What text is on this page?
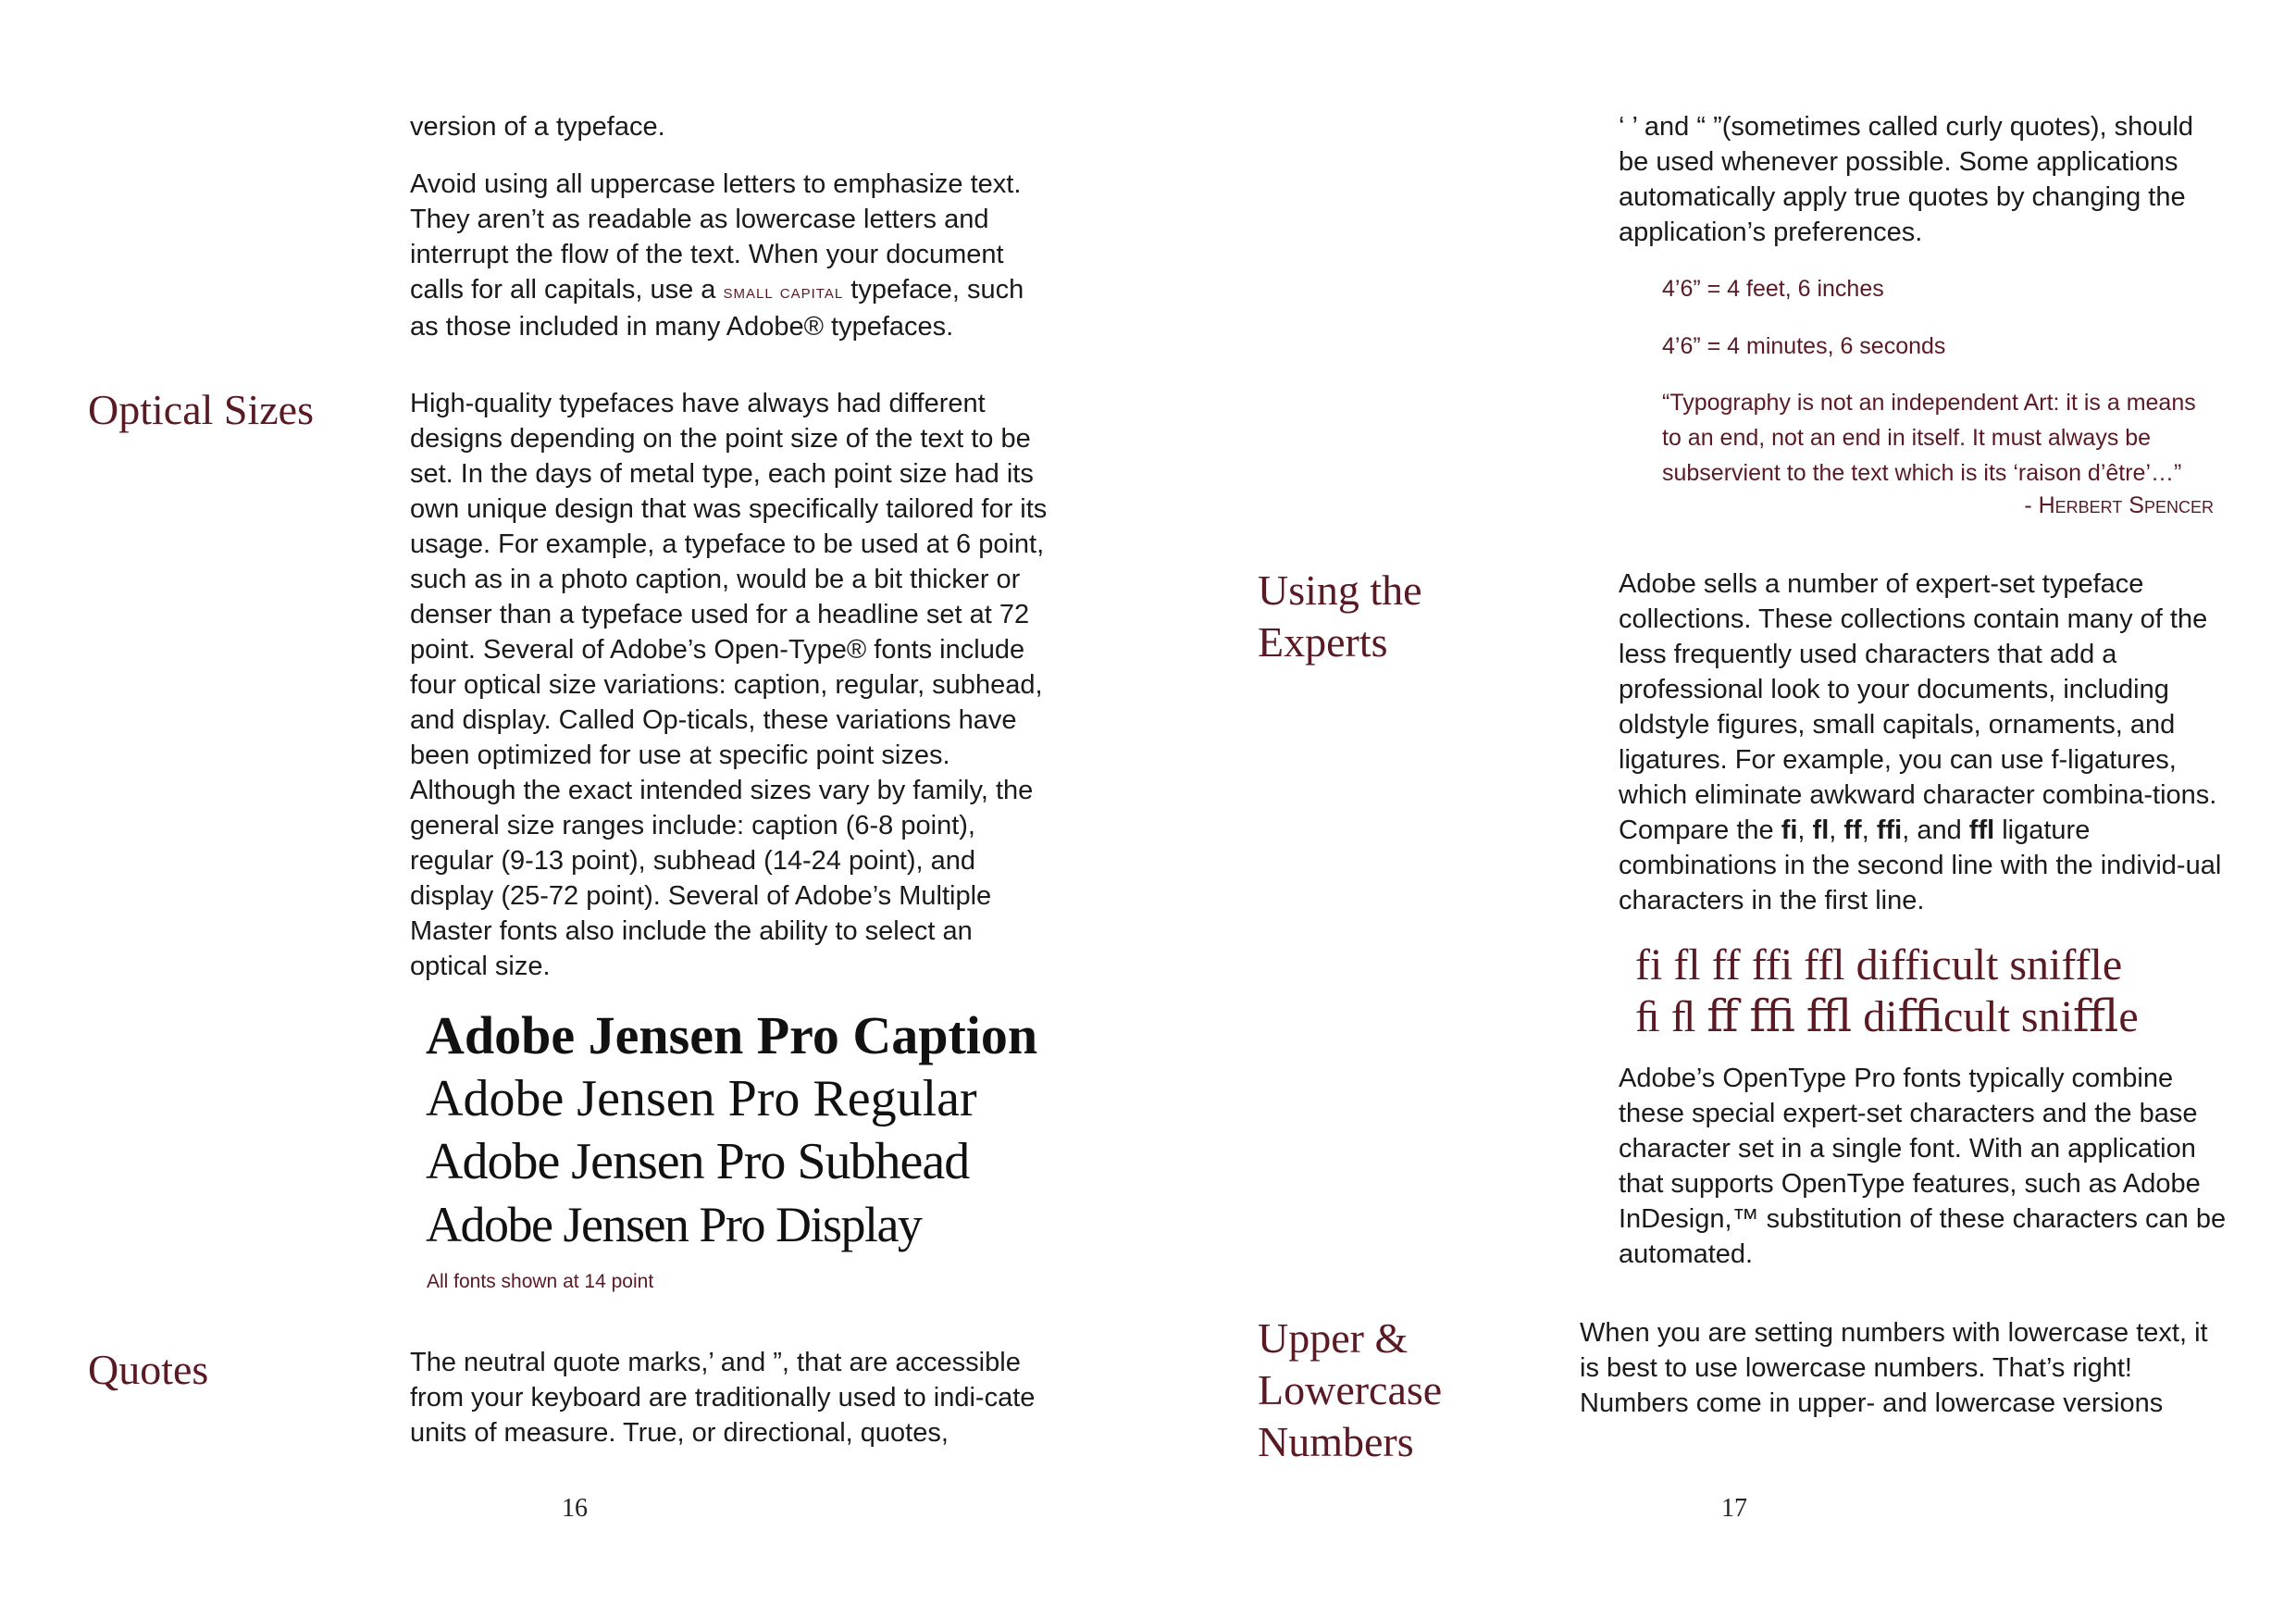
version of a typeface.

Avoid using all uppercase letters to emphasize text. They aren’t as readable as lowercase letters and interrupt the flow of the text. When your document calls for all capitals, use a small capital typeface, such as those included in many Adobe® typefaces.

Optical Sizes	High-quality typefaces have always had different designs depending on the point size of the text to be set. In the days of metal type, each point size had its own unique design that was specifically tailored for its usage. For example, a typeface to be used at 6 point, such as in a photo caption, would be a bit thicker or denser than a typeface used for a headline set at 72 point. Several of Adobe’s Open-Type® fonts include four optical size variations: caption, regular, subhead, and display. Called Op-ticals, these variations have been optimized for use at specific point sizes. Although the exact intended sizes vary by family, the general size ranges include: caption (6-8 point), regular (9-13 point), subhead (14-24 point), and display (25-72 point). Several of Adobe’s Multiple Master fonts also include the ability to select an optical size.
Adobe Jensen Pro Caption
Adobe Jensen Pro Regular
Adobe Jensen Pro Subhead
Adobe Jensen Pro Display
All fonts shown at 14 point
Quotes	The neutral quote marks,’ and ”, that are accessible from your keyboard are traditionally used to indi-cate units of measure. True, or directional, quotes,
16
‘ ’ and “ ”(sometimes called curly quotes), should be used whenever possible. Some applications automatically apply true quotes by changing the application’s preferences.
4’6” = 4 feet, 6 inches
4’6” = 4 minutes, 6 seconds
“Typography is not an independent Art: it is a means to an end, not an end in itself. It must always be subservient to the text which is its ‘raison d’être’…”
- Herbert Spencer
Using the
Experts
Adobe sells a number of expert-set typeface collections. These collections contain many of the less frequently used characters that add a professional look to your documents, including oldstyle figures, small capitals, ornaments, and ligatures. For example, you can use f-ligatures, which eliminate awkward character combina-tions. Compare the fi, fl, ff, ffi, and ffl ligature combinations in the second line with the individ-ual characters in the first line.
fi fl ff ffi ffl difficult sniffle
ﬁ ﬂ ﬀ ﬃ ﬄ diﬃcult sniﬄe
Adobe’s OpenType Pro fonts typically combine these special expert-set characters and the base character set in a single font. With an application that supports OpenType features, such as Adobe InDesign,™ substitution of these characters can be automated.
Upper &
Lowercase
Numbers
When you are setting numbers with lowercase text, it is best to use lowercase numbers. That’s right! Numbers come in upper- and lowercase versions
17
